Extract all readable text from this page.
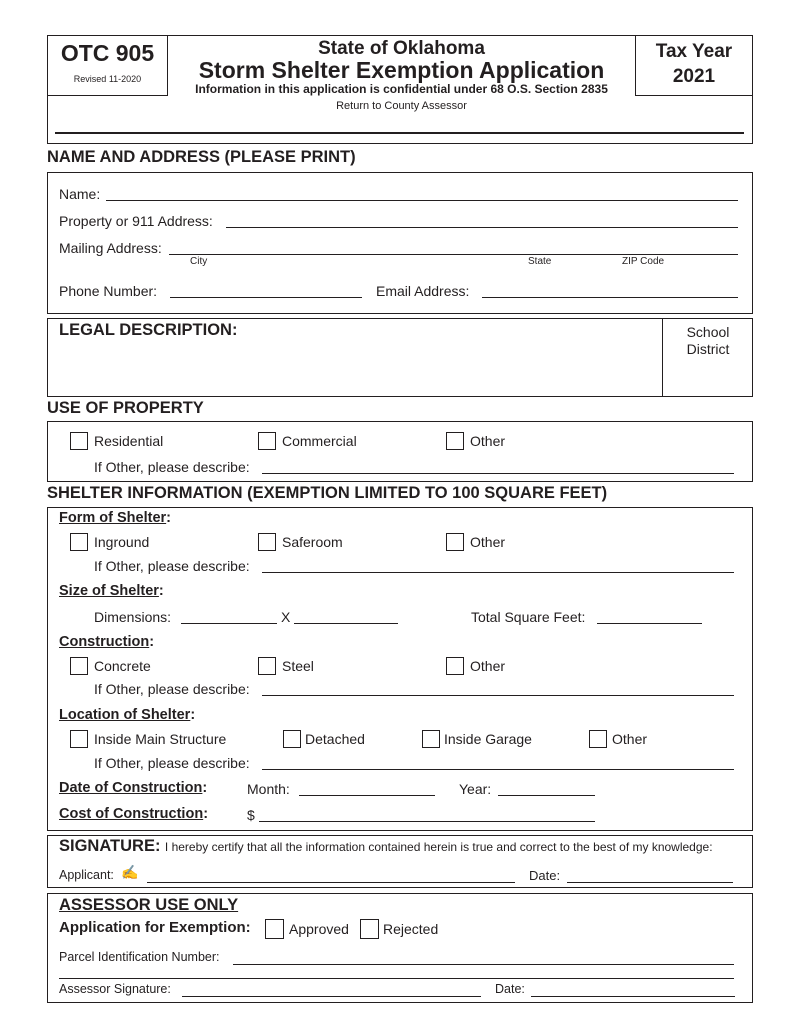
OTC 905
Revised 11-2020
State of Oklahoma
Storm Shelter Exemption Application
Information in this application is confidential under 68 O.S. Section 2835
Return to County Assessor
Tax Year
2021
NAME AND ADDRESS (PLEASE PRINT)
Name:
Property or 911 Address:
Mailing Address:
City	State	ZIP Code
Phone Number:	Email Address:
LEGAL DESCRIPTION:	School
District
USE OF PROPERTY
Residential	Commercial	Other
If Other, please describe:
SHELTER INFORMATION (EXEMPTION LIMITED TO 100 SQUARE FEET)
Form of Shelter:
Inground	Saferoom	Other
If Other, please describe:
Size of Shelter:
Dimensions:	X	Total Square Feet:
Construction:
Concrete	Steel	Other
If Other, please describe:
Location of Shelter:
Inside Main Structure	Detached	Inside Garage	Other
If Other, please describe:
Date of Construction:	Month:	Year:
Cost of Construction:	$
SIGNATURE: I hereby certify that all the information contained herein is true and correct to the best of my knowledge:
Applicant: ✍	Date:
ASSESSOR USE ONLY
Application for Exemption:	Approved Rejected
Parcel Identification Number:
Assessor Signature:	Date:
